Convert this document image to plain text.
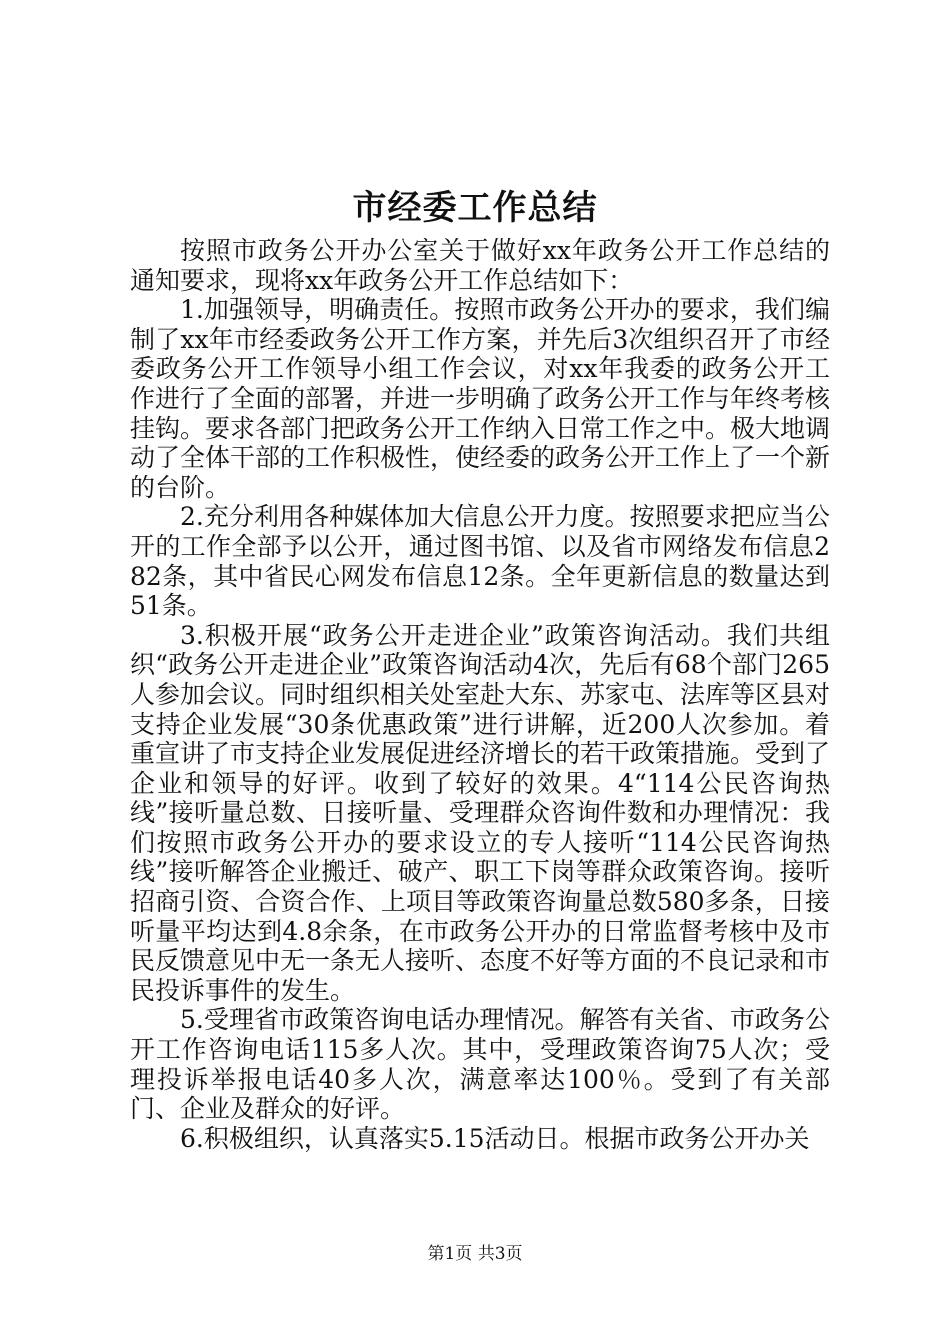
市经委工作总结

按照市政务公开办公室关于做好xx年政务公开工作总结的通知要求，现将xx年政务公开工作总结如下：

1.加强领导，明确责任。按照市政务公开办的要求，我们编制了xx年市经委政务公开工作方案，并先后3次组织召开了市经委政务公开工作领导小组工作会议，对xx年我委的政务公开工作进行了全面的部署，并进一步明确了政务公开工作与年终考核挂钩。要求各部门把政务公开工作纳入日常工作之中。极大地调动了全体干部的工作积极性，使经委的政务公开工作上了一个新的台阶。

2.充分利用各种媒体加大信息公开力度。按照要求把应当公开的工作全部予以公开，通过图书馆、以及省市网络发布信息282条，其中省民心网发布信息12条。全年更新信息的数量达到51条。

3.积极开展“政务公开走进企业”政策咨询活动。我们共组织“政务公开走进企业”政策咨询活动4次，先后有68个部门265人参加会议。同时组织相关处室赴大东、苏家屯、法库等区县对支持企业发展“30条优惠政策”进行讲解，近200人次参加。着重宣讲了市支持企业发展促进经济增长的若干政策措施。受到了企业和领导的好评。收到了较好的效果。4“114公民咨询热线”接听量总数、日接听量、受理群众咨询件数和办理情况：我们按照市政务公开办的要求设立的专人接听“114公民咨询热线”接听解答企业搬迁、破产、职工下岗等群众政策咨询。接听招商引资、合资合作、上项目等政策咨询量总数580多条，日接听量平均达到4.8余条，在市政务公开办的日常监督考核中及市民反馈意见中无一条无人接听、态度不好等方面的不良记录和市民投诉事件的发生。

5.受理省市政策咨询电话办理情况。解答有关省、市政务公开工作咨询电话115多人次。其中，受理政策咨询75人次；受理投诉举报电话40多人次，满意率达100％。受到了有关部门、企业及群众的好评。

6.积极组织，认真落实5.15活动日。根据市政务公开办关

第1页 共3页
